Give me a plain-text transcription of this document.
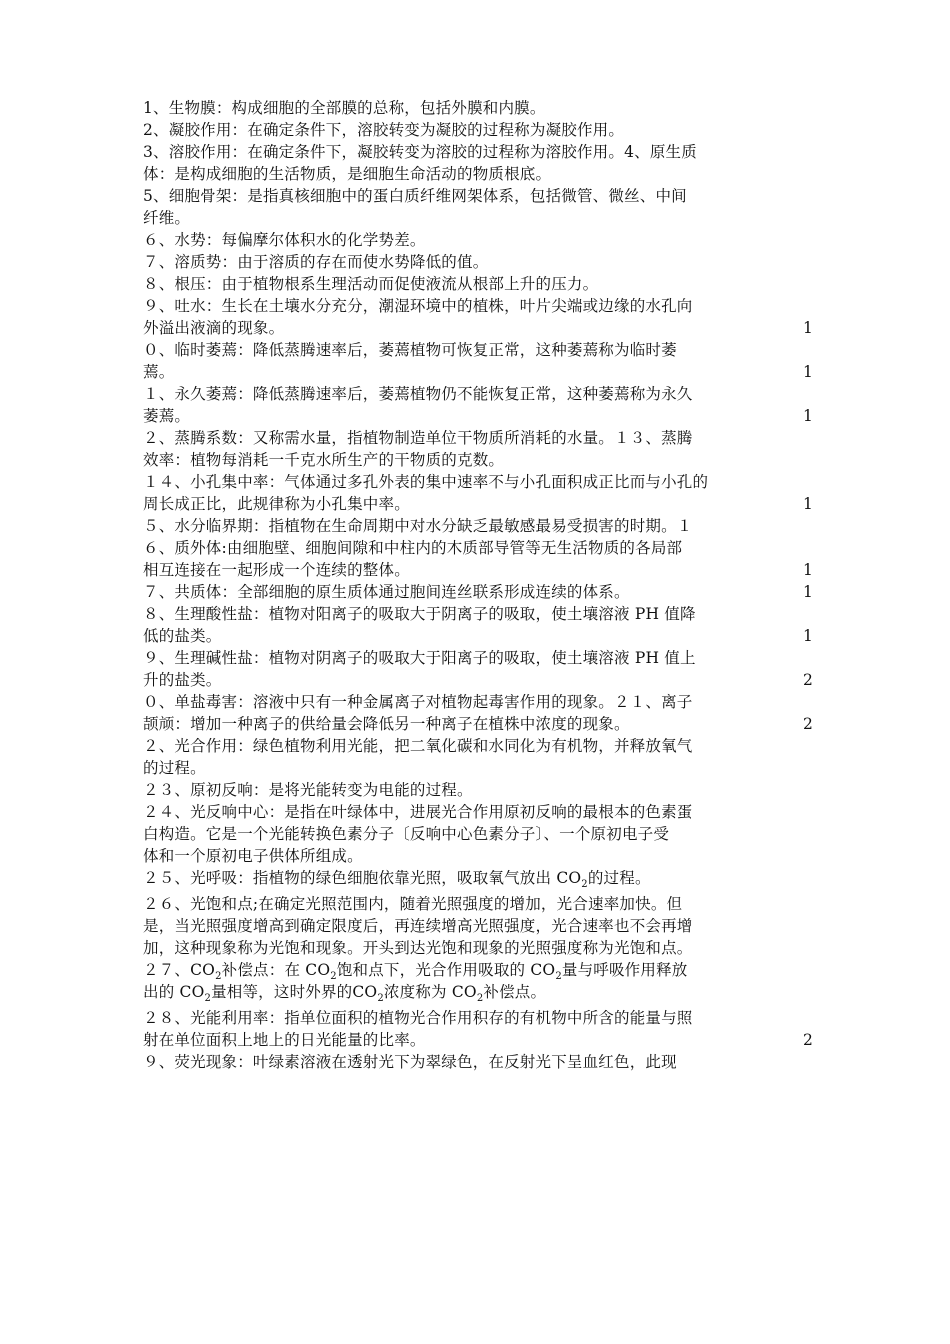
1、生物膜：构成细胞的全部膜的总称，包括外膜和内膜。
2、凝胶作用：在确定条件下，溶胶转变为凝胶的过程称为凝胶作用。
3、溶胶作用：在确定条件下，凝胶转变为溶胶的过程称为溶胶作用。4、原生质
体：是构成细胞的生活物质，是细胞生命活动的物质根底。
5、细胞骨架：是指真核细胞中的蛋白质纤维网架体系，包括微管、微丝、中间
纤维。
６、水势：每偏摩尔体积水的化学势差。
７、溶质势：由于溶质的存在而使水势降低的值。
８、根压：由于植物根系生理活动而促使液流从根部上升的压力。
９、吐水：生长在土壤水分充分，潮湿环境中的植株，叶片尖端或边缘的水孔向
外溢出液滴的现象。	1
０、临时萎蔫：降低蒸腾速率后，萎蔫植物可恢复正常，这种萎蔫称为临时萎
蔫。	1
１、永久萎蔫：降低蒸腾速率后，萎蔫植物仍不能恢复正常，这种萎蔫称为永久
萎蔫。	1
２、蒸腾系数：又称需水量，指植物制造单位干物质所消耗的水量。１３、蒸腾
效率：植物每消耗一千克水所生产的干物质的克数。
１４、小孔集中率：气体通过多孔外表的集中速率不与小孔面积成正比而与小孔的
周长成正比，此规律称为小孔集中率。	1
５、水分临界期：指植物在生命周期中对水分缺乏最敏感最易受损害的时期。１
６、质外体:由细胞壁、细胞间隙和中柱内的木质部导管等无生活物质的各局部
相互连接在一起形成一个连续的整体。	1
７、共质体：全部细胞的原生质体通过胞间连丝联系形成连续的体系。	1
８、生理酸性盐：植物对阳离子的吸取大于阴离子的吸取，使土壤溶液 PH 值降
低的盐类。	1
９、生理碱性盐：植物对阴离子的吸取大于阳离子的吸取，使土壤溶液 PH 值上
升的盐类。	2
０、单盐毒害：溶液中只有一种金属离子对植物起毒害作用的现象。２１、离子
颉颃：增加一种离子的供给量会降低另一种离子在植株中浓度的现象。	2
２、光合作用：绿色植物利用光能，把二氧化碳和水同化为有机物，并释放氧气
的过程。
２３、原初反响：是将光能转变为电能的过程。
２４、光反响中心：是指在叶绿体中，进展光合作用原初反响的最根本的色素蛋
白构造。它是一个光能转换色素分子〔反响中心色素分子〕、一个原初电子受
体和一个原初电子供体所组成。
２５、光呼吸：指植物的绿色细胞依靠光照，吸取氧气放出 $CO_2$的过程。
２６、光饱和点;在确定光照范围内，随着光照强度的增加，光合速率加快。但
是，当光照强度增高到确定限度后，再连续增高光照强度，光合速率也不会再增
加，这种现象称为光饱和现象。开头到达光饱和现象的光照强度称为光饱和点。
２７、$CO_2$补偿点：在 $CO_2$饱和点下，光合作用吸取的 $CO_2$量与呼吸作用释放
出的 $CO_2$量相等，这时外界的$CO_2$浓度称为 $CO_2$补偿点。
２８、光能利用率：指单位面积的植物光合作用积存的有机物中所含的能量与照
射在单位面积上地上的日光能量的比率。	2
９、荧光现象：叶绿素溶液在透射光下为翠绿色，在反射光下呈血红色，此现
